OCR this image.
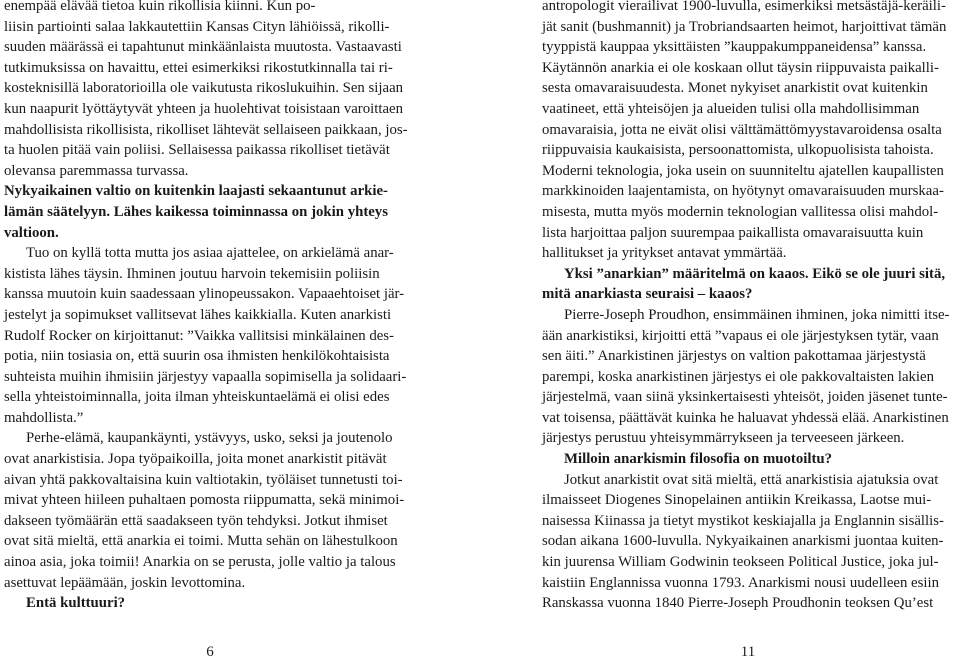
enempää elävää tietoa kuin rikollisia kiinni. Kun po-
liisin partiointi salaa lakkautettiin Kansas Cityn lähiöissä, rikolli-
suuden määrässä ei tapahtunut minkäänlaista muutosta. Vastaavasti
tutkimuksissa on havaittu, ettei esimerkiksi rikostutkinnalla tai ri-
kosteknisillä laboratorioilla ole vaikutusta rikoslukuihin. Sen sijaan
kun naapurit lyöttäytyvät yhteen ja huolehtivat toisistaan varoittaen
mahdollisista rikollisista, rikolliset lähtevät sellaiseen paikkaan, jos-
ta huolen pitää vain poliisi. Sellaisessa paikassa rikolliset tietävät
olevansa paremmassa turvassa.
Nykyaikainen valtio on kuitenkin laajasti sekaantunut arkie-
lämän säätelyyn. Lähes kaikessa toiminnassa on jokin yhteys
valtioon.
Tuo on kyllä totta mutta jos asiaa ajattelee, on arkielämä anar-
kistista lähes täysin. Ihminen joutuu harvoin tekemisiin poliisin
kanssa muutoin kuin saadessaan ylinopeussakon. Vapaaehtoiset jär-
jestelyt ja sopimukset vallitsevat lähes kaikkialla. Kuten anarkisti
Rudolf Rocker on kirjoittanut: ”Vaikka vallitsisi minkälainen des-
potia, niin tosiasia on, että suurin osa ihmisten henkilökohtaisista
suhteista muihin ihmisiin järjestyy vapaalla sopimisella ja solidaari-
sella yhteistoiminnalla, joita ilman yhteiskuntaelämä ei olisi edes
mahdollista.”
Perhe-elämä, kaupankäynti, ystävyys, usko, seksi ja joutenolo
ovat anarkistisia. Jopa työpaikoilla, joita monet anarkistit pitävät
aivan yhtä pakkovaltaisina kuin valtiotakin, työläiset tunnetusti toi-
mivat yhteen hiileen puhaltaen pomosta riippumatta, sekä minimoi-
dakseen työmäärän että saadakseen työn tehdyksi. Jotkut ihmiset
ovat sitä mieltä, että anarkia ei toimi. Mutta sehän on lähestulkoon
ainoa asia, joka toimii! Anarkia on se perusta, jolle valtio ja talous
asettuvat lepäämään, joskin levottomina.
Entä kulttuuri?
antropologit vierailivat 1900-luvulla, esimerkiksi metsästäjä-keräili-
jät sanit (bushmannit) ja Trobriandsaarten heimot, harjoittivat tämän
tyyppistä kauppaa yksittäisten ”kauppakumppaneidensa” kanssa.
Käytännön anarkia ei ole koskaan ollut täysin riippuvaista paikalli-
sesta omavaraisuudesta. Monet nykyiset anarkistit ovat kuitenkin
vaatineet, että yhteisöjen ja alueiden tulisi olla mahdollisimman
omavaraisia, jotta ne eivät olisi välttämättömyystavaroidensa osalta
riippuvaisia kaukaisista, persoonattomista, ulkopuolisista tahoista.
Moderni teknologia, joka usein on suunniteltu ajatellen kaupallisten
markkinoiden laajentamista, on hyötynyt omavaraisuuden murskaa-
misesta, mutta myös modernin teknologian vallitessa olisi mahdol-
lista harjoittaa paljon suurempaa paikallista omavaraisuutta kuin
hallitukset ja yritykset antavat ymmärtää.
Yksi ”anarkian” määritelmä on kaaos. Eikö se ole juuri sitä,
mitä anarkiasta seuraisi – kaaos?
Pierre-Joseph Proudhon, ensimmäinen ihminen, joka nimitti itse-
ään anarkistiksi, kirjoitti että ”vapaus ei ole järjestyksen tytär, vaan
sen äiti.” Anarkistinen järjestys on valtion pakottamaa järjestystä
parempi, koska anarkistinen järjestys ei ole pakkovaltaisten lakien
järjestelmä, vaan siinä yksinkertaisesti yhteisöt, joiden jäsenet tunte-
vat toisensa, päättävät kuinka he haluavat yhdessä elää. Anarkistinen
järjestys perustuu yhteisymmärrykseen ja terveeseen järkeen.
Milloin anarkismin filosofia on muotoiltu?
Jotkut anarkistit ovat sitä mieltä, että anarkistisia ajatuksia ovat
ilmaisseet Diogenes Sinopelainen antiikin Kreikassa, Laotse mui-
naisessa Kiinassa ja tietyt mystikot keskiajalla ja Englannin sisällis-
sodan aikana 1600-luvulla. Nykyaikainen anarkismi juontaa kuiten-
kin juurensa William Godwinin teokseen Political Justice, joka jul-
kaistiin Englannissa vuonna 1793. Anarkismi nousi uudelleen esiin
Ranskassa vuonna 1840 Pierre-Joseph Proudhonin teoksen Qu’est
6	11
